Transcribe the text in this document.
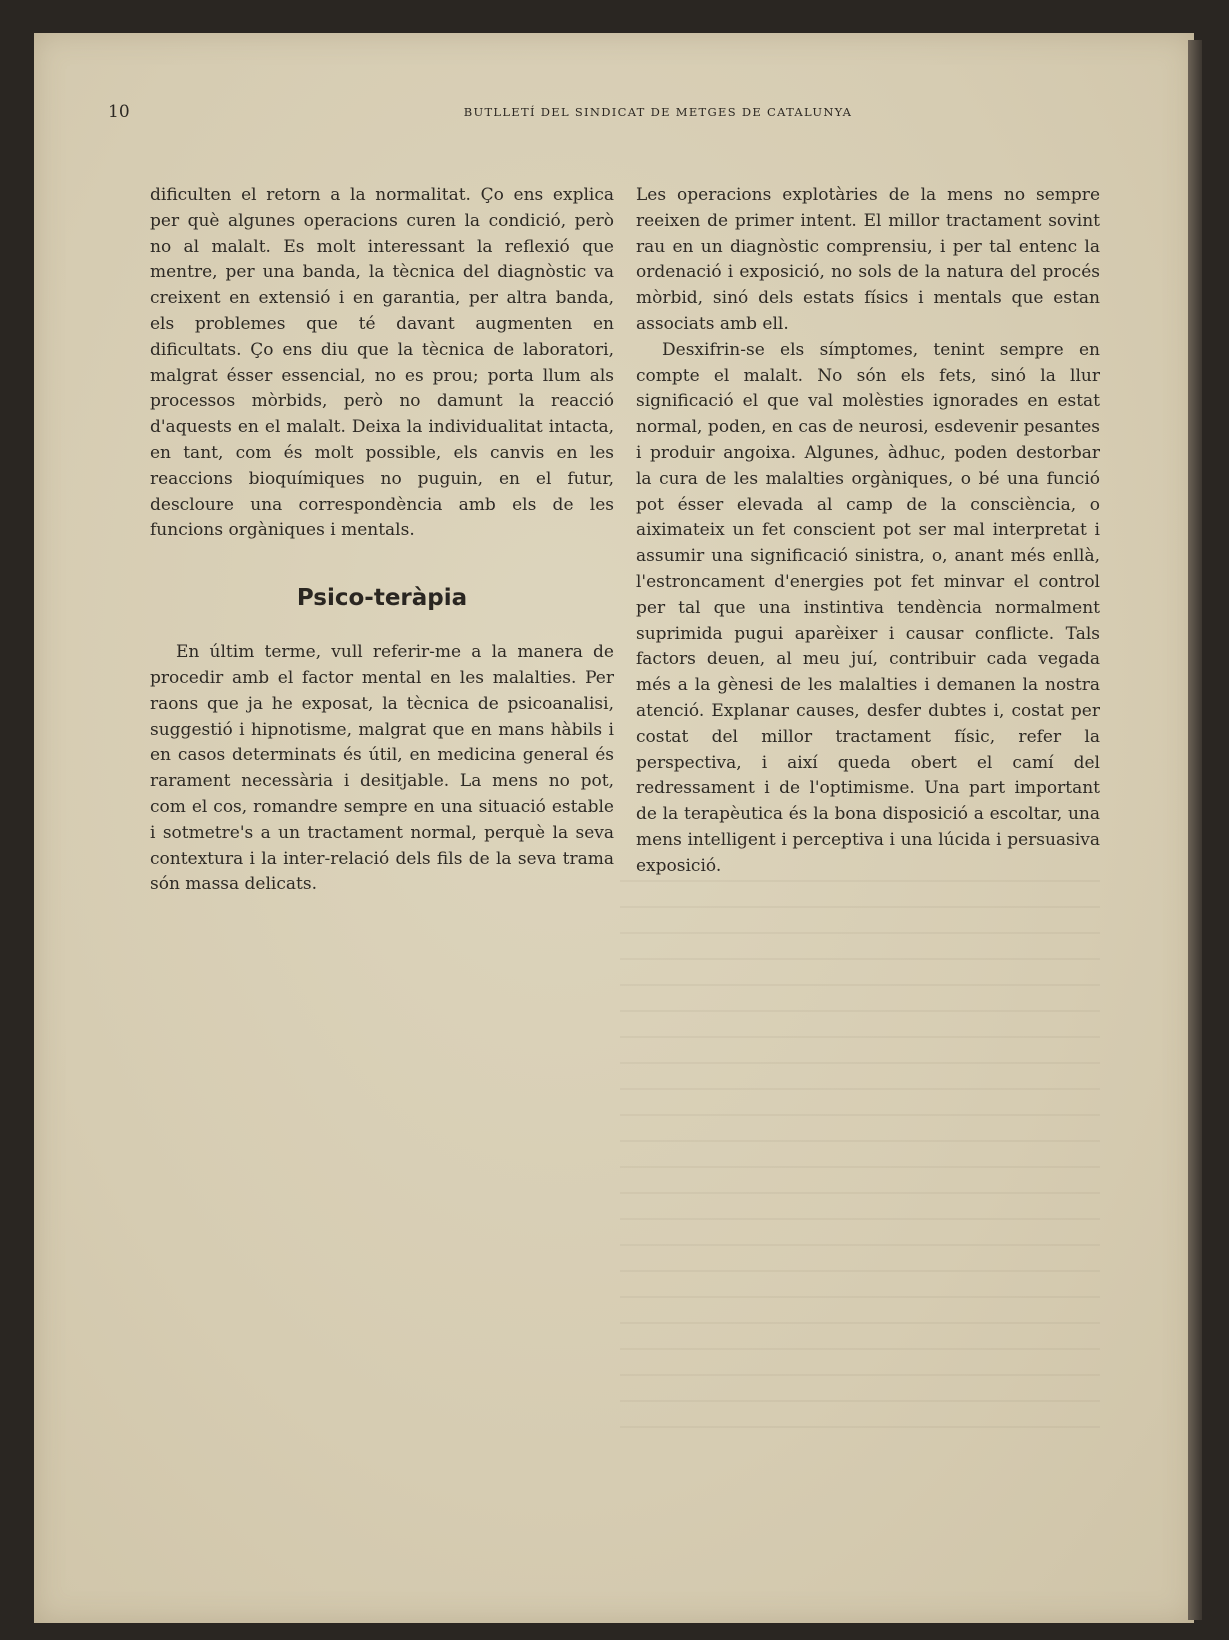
10	BUTLLETÍ DEL SINDICAT DE METGES DE CATALUNYA

dificulten el retorn a la normalitat. Ço ens explica per què algunes operacions curen la condició, però no al malalt. Es molt interessant la reflexió que mentre, per una banda, la tècnica del diagnòstic va creixent en extensió i en garantia, per altra banda, els problemes que té davant augmenten en dificultats. Ço ens diu que la tècnica de laboratori, malgrat ésser essencial, no es prou; porta llum als processos mòrbids, però no damunt la reacció d'aquests en el malalt. Deixa la individualitat intacta, en tant, com és molt possible, els canvis en les reaccions bioquímiques no puguin, en el futur, descloure una correspondència amb els de les funcions orgàniques i mentals.

Psico-teràpia

En últim terme, vull referir-me a la manera de procedir amb el factor mental en les malalties. Per raons que ja he exposat, la tècnica de psicoanalisi, suggestió i hipnotisme, malgrat que en mans hàbils i en casos determinats és útil, en medicina general és rarament necessària i desitjable. La mens no pot, com el cos, romandre sempre en una situació estable i sotmetre's a un tractament normal, perquè la seva contextura i la inter-relació dels fils de la seva trama són massa delicats.

Les operacions explotàries de la mens no sempre reeixen de primer intent. El millor tractament sovint rau en un diagnòstic comprensiu, i per tal entenc la ordenació i exposició, no sols de la natura del procés mòrbid, sinó dels estats físics i mentals que estan associats amb ell.

Desxifrin-se els símptomes, tenint sempre en compte el malalt. No són els fets, sinó la llur significació el que val molèsties ignorades en estat normal, poden, en cas de neurosi, esdevenir pesantes i produir angoixa. Algunes, àdhuc, poden destorbar la cura de les malalties orgàniques, o bé una funció pot ésser elevada al camp de la consciència, o aiximateix un fet conscient pot ser mal interpretat i assumir una significació sinistra, o, anant més enllà, l'estroncament d'energies pot fet minvar el control per tal que una instintiva tendència normalment suprimida pugui aparèixer i causar conflicte. Tals factors deuen, al meu juí, contribuir cada vegada més a la gènesi de les malalties i demanen la nostra atenció. Explanar causes, desfer dubtes i, costat per costat del millor tractament físic, refer la perspectiva, i així queda obert el camí del redressament i de l'optimisme. Una part important de la terapèutica és la bona disposició a escoltar, una mens intelligent i perceptiva i una lúcida i persuasiva exposició.
